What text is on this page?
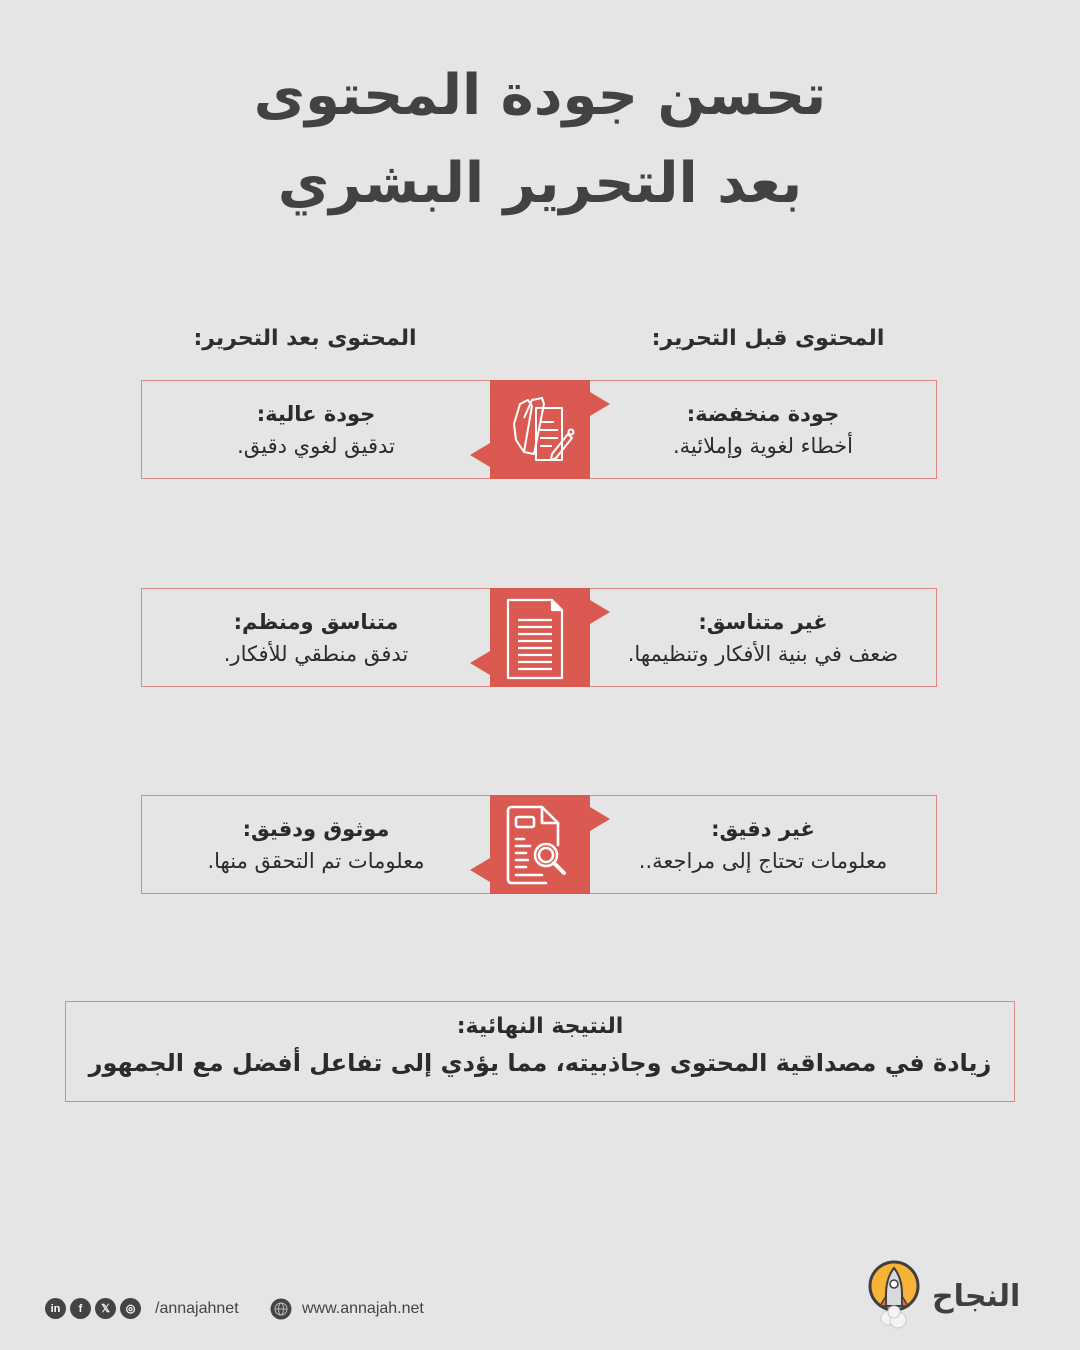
تحسن جودة المحتوى
بعد التحرير البشري
المحتوى قبل التحرير:
المحتوى بعد التحرير:
جودة منخفضة:
أخطاء لغوية وإملائية.
جودة عالية:
تدقيق لغوي دقيق.
غير متناسق:
ضعف في بنية الأفكار وتنظيمها.
متناسق ومنظم:
تدفق منطقي للأفكار.
غير دقيق:
معلومات تحتاج إلى مراجعة..
موثوق ودقيق:
معلومات تم التحقق منها.
النتيجة النهائية:
زيادة في مصداقية المحتوى وجاذبيته، مما يؤدي إلى تفاعل أفضل مع الجمهور
in	f	𝕏	◎	/annajahnet	www.annajah.net	النجاح
